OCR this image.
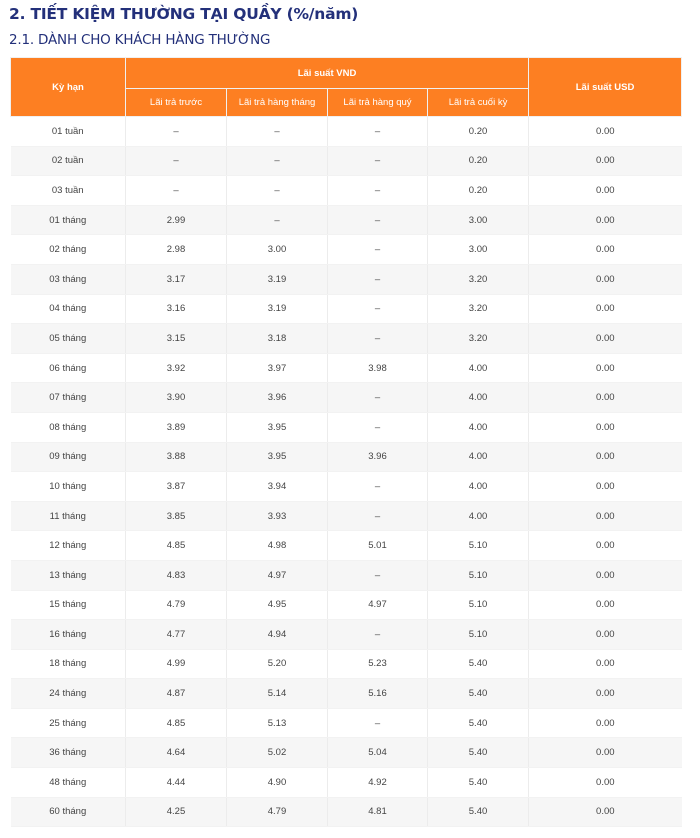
2. TIẾT KIỆM THƯỜNG TẠI QUẦY (%/năm)
2.1. DÀNH CHO KHÁCH HÀNG THƯỜNG
Kỳ hạn	Lãi suất VND				Lãi suất USD
	Lãi trả trước	Lãi trả hàng tháng	Lãi trả hàng quý	Lãi trả cuối kỳ	
01 tuần	–	–	–	0.20	0.00
02 tuần	–	–	–	0.20	0.00
03 tuần	–	–	–	0.20	0.00
01 tháng	2.99	–	–	3.00	0.00
02 tháng	2.98	3.00	–	3.00	0.00
03 tháng	3.17	3.19	–	3.20	0.00
04 tháng	3.16	3.19	–	3.20	0.00
05 tháng	3.15	3.18	–	3.20	0.00
06 tháng	3.92	3.97	3.98	4.00	0.00
07 tháng	3.90	3.96	–	4.00	0.00
08 tháng	3.89	3.95	–	4.00	0.00
09 tháng	3.88	3.95	3.96	4.00	0.00
10 tháng	3.87	3.94	–	4.00	0.00
11 tháng	3.85	3.93	–	4.00	0.00
12 tháng	4.85	4.98	5.01	5.10	0.00
13 tháng	4.83	4.97	–	5.10	0.00
15 tháng	4.79	4.95	4.97	5.10	0.00
16 tháng	4.77	4.94	–	5.10	0.00
18 tháng	4.99	5.20	5.23	5.40	0.00
24 tháng	4.87	5.14	5.16	5.40	0.00
25 tháng	4.85	5.13	–	5.40	0.00
36 tháng	4.64	5.02	5.04	5.40	0.00
48 tháng	4.44	4.90	4.92	5.40	0.00
60 tháng	4.25	4.79	4.81	5.40	0.00
